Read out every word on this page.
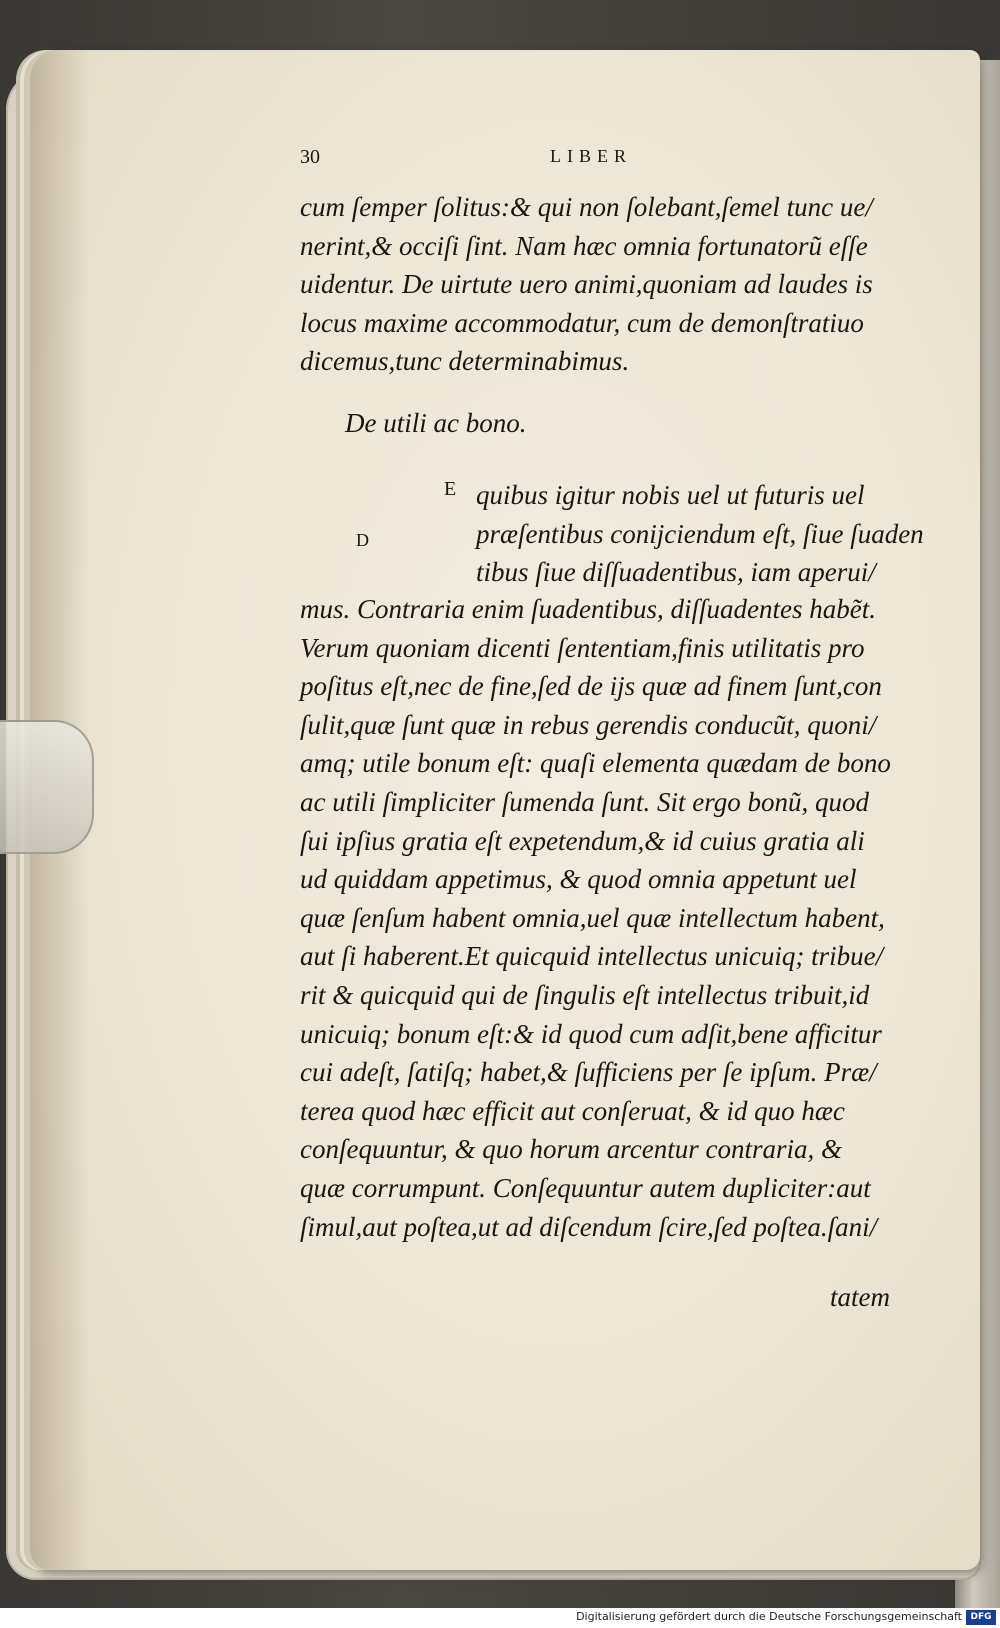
30	LIBER
cum ſemper ſolitus:& qui non ſolebant,ſemel tunc ue/
nerint,& occiſi ſint. Nam hæc omnia fortunatorũ eſſe
uidentur. De uirtute uero animi,quoniam ad laudes is
locus maxime accommodatur, cum de demonſtratiuo
dicemus,tunc determinabimus.
De utili ac bono.
E
D
quibus igitur nobis uel ut futuris uel
præſentibus conijciendum eſt, ſiue ſuaden
tibus ſiue diſſuadentibus, iam aperui/
mus. Contraria enim ſuadentibus, diſſuadentes habẽt.
Verum quoniam dicenti ſententiam,finis utilitatis pro
poſitus eſt,nec de fine,ſed de ijs quæ ad finem ſunt,con
ſulit,quæ ſunt quæ in rebus gerendis conducũt, quoni/
amq; utile bonum eſt: quaſi elementa quædam de bono
ac utili ſimpliciter ſumenda ſunt. Sit ergo bonũ, quod
ſui ipſius gratia eſt expetendum,& id cuius gratia ali
ud quiddam appetimus, & quod omnia appetunt uel
quæ ſenſum habent omnia,uel quæ intellectum habent,
aut ſi haberent.Et quicquid intellectus unicuiq; tribue/
rit & quicquid qui de ſingulis eſt intellectus tribuit,id
unicuiq; bonum eſt:& id quod cum adſit,bene afficitur
cui adeſt, ſatiſq; habet,& ſufficiens per ſe ipſum. Præ/
terea quod hæc efficit aut conſeruat, & id quo hæc
conſequuntur, & quo horum arcentur contraria, &
quæ corrumpunt. Conſequuntur autem dupliciter:aut
ſimul,aut poſtea,ut ad diſcendum ſcire,ſed poſtea.ſani/
tatem
Digitalisierung gefördert durch die Deutsche Forschungsgemeinschaft DFG
